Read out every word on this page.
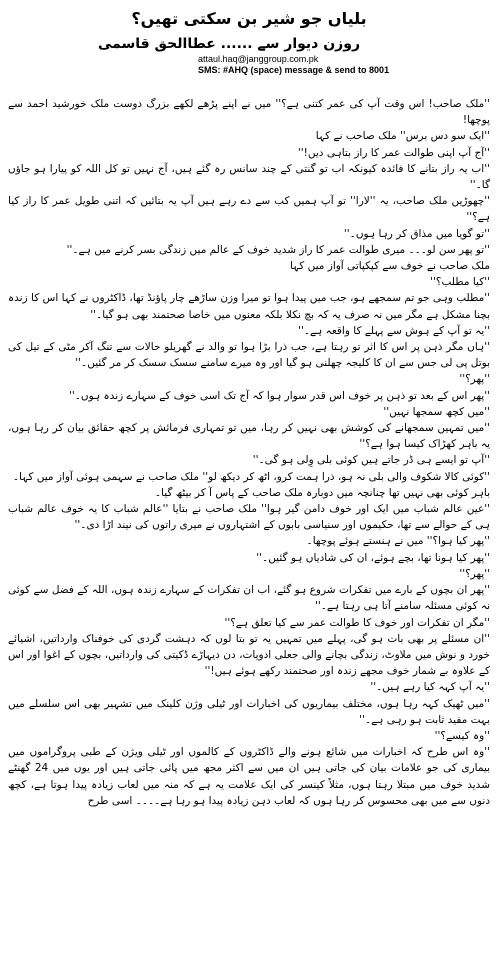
بلیاں جو شیر بن سکتی تھیں؟
روزن دیوار سے ...... عطاالحق قاسمی
attaul.haq@janggroup.com.pk
SMS: #AHQ (space) message & send to 8001

''ملک صاحب! اس وقت آپ کی عمر کتنی ہے؟'' میں نے اپنے پڑھے لکھے بزرگ دوست ملک خورشید احمد سے پوچھا!

''ایک سو دس برس'' ملک صاحب نے کہا

''آج آپ اپنی طوالت عمر کا راز بتاہی دیں!''

''اب یہ راز بتانے کا فائدہ کیونکہ اب تو گنتی کے چند سانس رہ گئے ہیں، آج نہیں تو کل اللہ کو پیارا ہو جاؤں گا۔''

''چھوڑیں ملک صاحب، یہ ''لارا'' تو آپ ہمیں کب سے دے رہے ہیں آپ یہ بتائیں کہ اتنی طویل عمر کا راز کیا ہے؟''

''تو گویا میں مذاق کر رہا ہوں۔''

''تو پھر سن لو۔۔۔ میری طوالت عمر کا راز شدید خوف کے عالم میں زندگی بسر کرنے میں ہے۔''

ملک صاحب نے خوف سے کپکپاتی آواز میں کہا

''کیا مطلب؟''

''مطلب وہی جو تم سمجھے ہو، جب میں پیدا ہوا تو میرا وزن ساڑھے چار پاؤنڈ تھا، ڈاکٹروں نے کہا اس کا زندہ بچنا مشکل ہے مگر میں نہ صرف یہ کہ بچ نکلا بلکہ معنوں میں خاصا صحتمند بھی ہو گیا۔''

''یہ تو آپ کے ہوش سے پہلے کا واقعہ ہے۔''

''ہاں مگر ذہن پر اس کا اثر تو رہتا ہے، جب ذرا بڑا ہوا تو والد نے گھریلو حالات سے تنگ آکر مٹی کے تیل کی بوتل پی لی جس سے ان کا کلیجہ چھلنی ہو گیا اور وہ میرے سامنے سسک سسک کر مر گئیں۔''

''پھر؟''

''پھر اس کے بعد تو ذہن پر خوف اس قدر سوار ہوا کہ آج تک اسی خوف کے سہارے زندہ ہوں۔''

''میں کچھ سمجھا نہیں''

''میں تمہیں سمجھانے کی کوشش بھی نہیں کر رہا، میں تو تمہاری فرمائش پر کچھ حقائق بیان کر رہا ہوں، یہ باہر کھڑاک کیسا ہوا ہے؟''

''آپ تو ایسے ہی ڈر جاتے ہیں کوئی بلی وِلی ہو گی۔''

''کوئی کالا شکوف والی بلی نہ ہو، ذرا ہمت کرو، اٹھ کر دیکھ لو'' ملک صاحب نے سہمی ہوئی آواز میں کہا۔

باہر کوئی بھی نہیں تھا چنانچہ میں دوبارہ ملک صاحب کے پاس آ کر بیٹھ گیا۔

''عین عالم شباب میں ایک اور خوف دامن گیر ہوا'' ملک صاحب نے بتایا ''عالم شباب کا یہ خوف عالم شباب ہی کے حوالے سے تھا، حکیموں اور سنیاسی بابوں کے اشتہاروں نے میری راتوں کی نیند اڑا دی۔''

''پھر کیا ہوا؟'' میں نے ہنستے ہوئے پوچھا۔

''پھر کیا ہونا تھا، بچے ہوئے، ان کی شادیاں ہو گئیں۔''

''پھر؟''

''پھر ان بچوں کے بارے میں تفکرات شروع ہو گئے، اب ان تفکرات کے سہارے زندہ ہوں، اللہ کے فضل سے کوئی نہ کوئی مسئلہ سامنے آتا ہی رہتا ہے۔''

''مگر ان تفکرات اور خوف کا طوالت عمر سے کیا تعلق ہے؟''

''ان مسئلے پر بھی بات ہو گی، پہلے میں تمہیں یہ تو بتا لوں کہ دہشت گردی کی خوفناک وارداتیں، اشیائے خورد و نوش میں ملاوٹ، زندگی بچانے والی جعلی ادویات، دن دیہاڑے ڈکیتی کی وارداتیں، بچوں کے اغوا اور اس کے علاوہ بے شمار خوف مجھے زندہ اور صحتمند رکھے ہوئے ہیں!''

''یہ آپ کہہ کیا رہے ہیں۔''

''میں ٹھیک کہہ رہا ہوں، مختلف بیماریوں کی اخبارات اور ٹیلی وژن کلینک میں تشہیر بھی اس سلسلے میں بہت مفید ثابت ہو رہی ہے۔''

''وہ کیسے؟''

''وہ اس طرح کہ اخبارات میں شائع ہونے والے ڈاکٹروں کے کالموں اور ٹیلی ویژن کے طبی پروگراموں میں بیماری کی جو علامات بیان کی جاتی ہیں ان میں سے اکثر مجھ میں پائی جاتی ہیں اور یوں میں 24 گھنٹے شدید خوف میں مبتلا رہتا ہوں، مثلاً کینسر کی ایک علامت یہ ہے کہ منہ میں لعاب زیادہ پیدا ہوتا ہے، کچھ دنوں سے میں بھی محسوس کر رہا ہوں کہ لعاب دہن زیادہ پیدا ہو رہا ہے۔۔۔۔ اسی طرح
